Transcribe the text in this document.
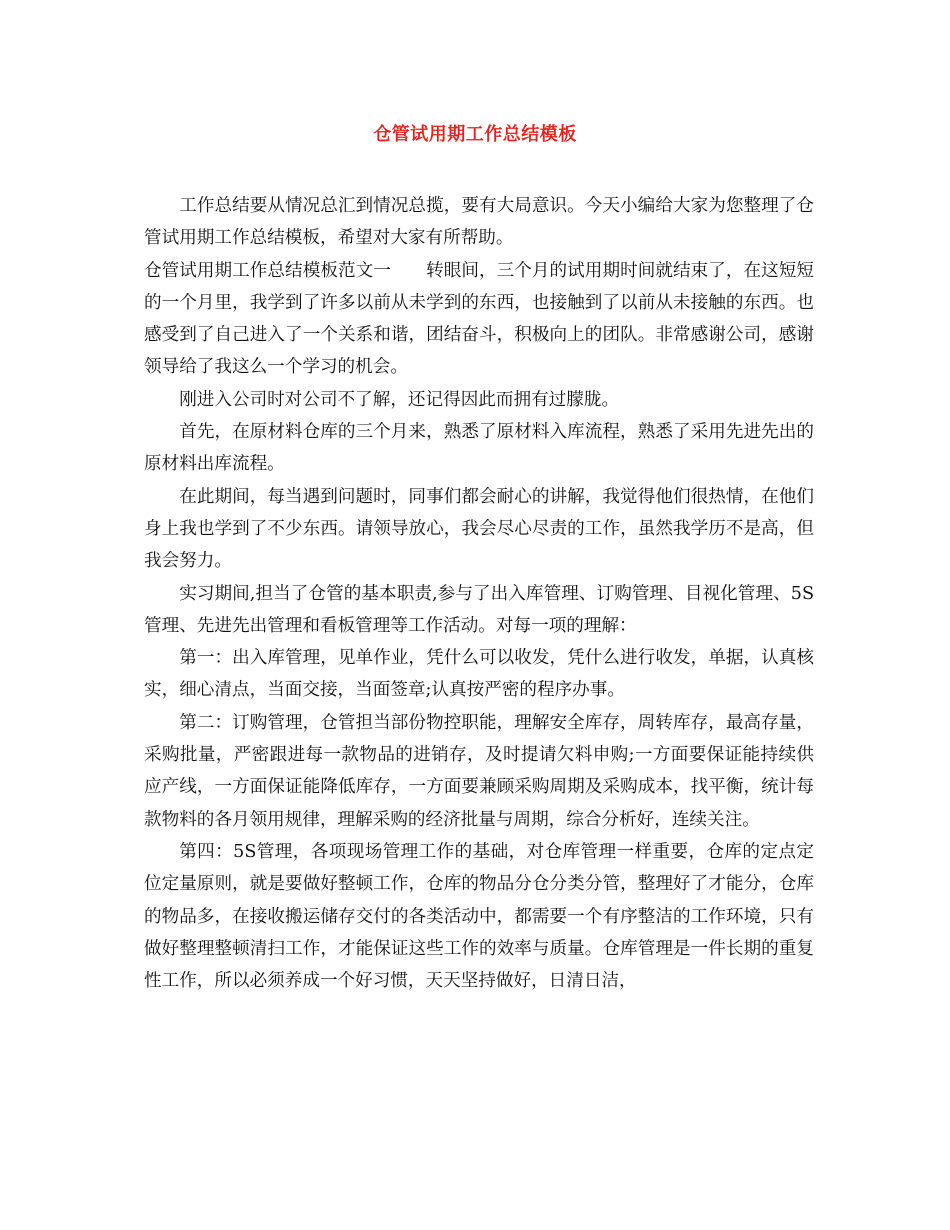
仓管试用期工作总结模板

工作总结要从情况总汇到情况总揽，要有大局意识。今天小编给大家为您整理了仓管试用期工作总结模板，希望对大家有所帮助。

仓管试用期工作总结模板范文一　　转眼间，三个月的试用期时间就结束了，在这短短的一个月里，我学到了许多以前从未学到的东西，也接触到了以前从未接触的东西。也感受到了自己进入了一个关系和谐，团结奋斗，积极向上的团队。非常感谢公司，感谢领导给了我这么一个学习的机会。

刚进入公司时对公司不了解，还记得因此而拥有过朦胧。

首先，在原材料仓库的三个月来，熟悉了原材料入库流程，熟悉了采用先进先出的原材料出库流程。

在此期间，每当遇到问题时，同事们都会耐心的讲解，我觉得他们很热情，在他们身上我也学到了不少东西。请领导放心，我会尽心尽责的工作，虽然我学历不是高，但我会努力。

实习期间,担当了仓管的基本职责,参与了出入库管理、订购管理、目视化管理、5S管理、先进先出管理和看板管理等工作活动。对每一项的理解：

第一：出入库管理，见单作业，凭什么可以收发，凭什么进行收发，单据，认真核实，细心清点，当面交接，当面签章;认真按严密的程序办事。

第二：订购管理，仓管担当部份物控职能，理解安全库存，周转库存，最高存量，采购批量，严密跟进每一款物品的进销存，及时提请欠料申购;一方面要保证能持续供应产线，一方面保证能降低库存，一方面要兼顾采购周期及采购成本，找平衡，统计每款物料的各月领用规律，理解采购的经济批量与周期，综合分析好，连续关注。

第四：5S管理，各项现场管理工作的基础，对仓库管理一样重要，仓库的定点定位定量原则，就是要做好整顿工作，仓库的物品分仓分类分管，整理好了才能分，仓库的物品多，在接收搬运储存交付的各类活动中，都需要一个有序整洁的工作环境，只有做好整理整顿清扫工作，才能保证这些工作的效率与质量。仓库管理是一件长期的重复性工作，所以必须养成一个好习惯，天天坚持做好，日清日洁，
